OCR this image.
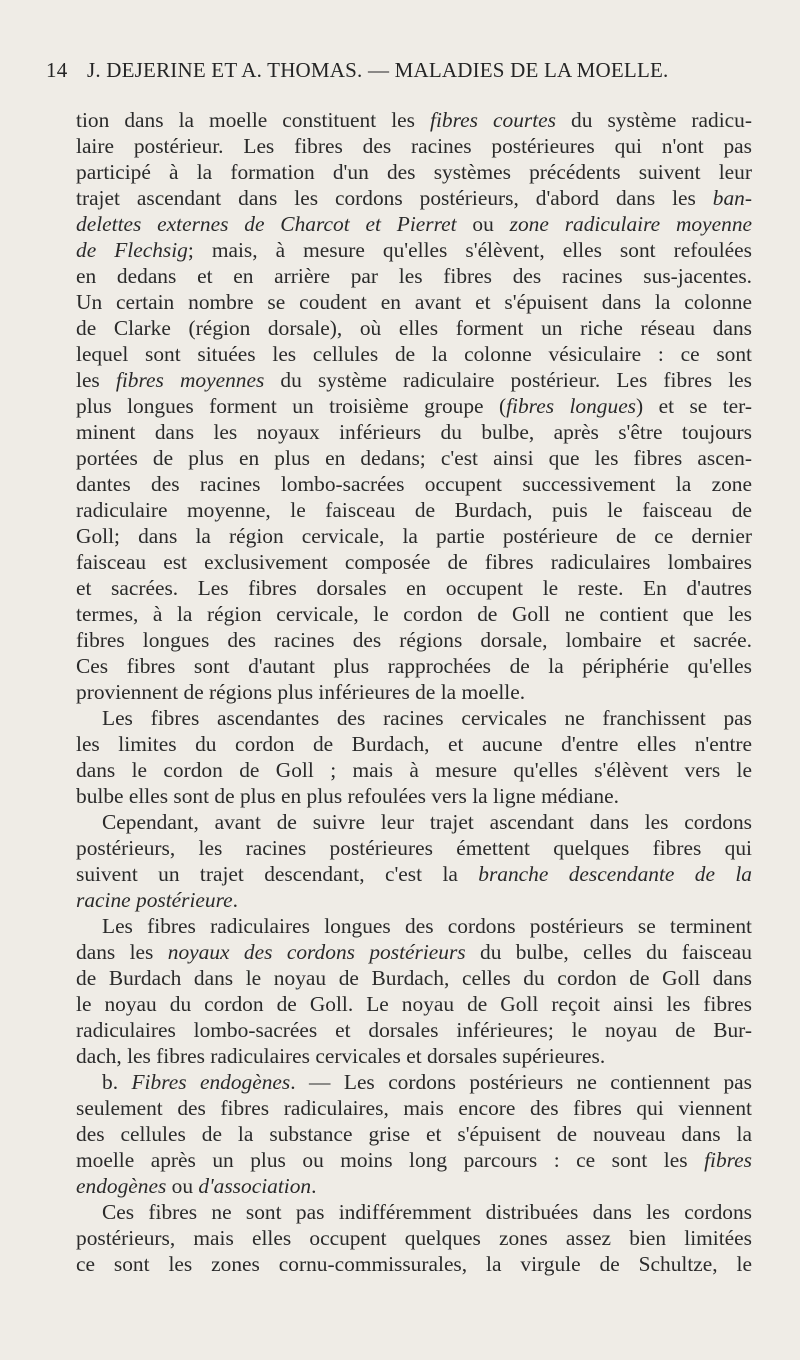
14 J. DEJERINE ET A. THOMAS. — MALADIES DE LA MOELLE.
tion dans la moelle constituent les fibres courtes du système radicu-
laire postérieur. Les fibres des racines postérieures qui n'ont pas
participé à la formation d'un des systèmes précédents suivent leur
trajet ascendant dans les cordons postérieurs, d'abord dans les ban-
delettes externes de Charcot et Pierret ou zone radiculaire moyenne
de Flechsig; mais, à mesure qu'elles s'élèvent, elles sont refoulées
en dedans et en arrière par les fibres des racines sus-jacentes.
Un certain nombre se coudent en avant et s'épuisent dans la colonne
de Clarke (région dorsale), où elles forment un riche réseau dans
lequel sont situées les cellules de la colonne vésiculaire : ce sont
les fibres moyennes du système radiculaire postérieur. Les fibres les
plus longues forment un troisième groupe (fibres longues) et se ter-
minent dans les noyaux inférieurs du bulbe, après s'être toujours
portées de plus en plus en dedans; c'est ainsi que les fibres ascen-
dantes des racines lombo-sacrées occupent successivement la zone
radiculaire moyenne, le faisceau de Burdach, puis le faisceau de
Goll; dans la région cervicale, la partie postérieure de ce dernier
faisceau est exclusivement composée de fibres radiculaires lombaires
et sacrées. Les fibres dorsales en occupent le reste. En d'autres
termes, à la région cervicale, le cordon de Goll ne contient que les
fibres longues des racines des régions dorsale, lombaire et sacrée.
Ces fibres sont d'autant plus rapprochées de la périphérie qu'elles
proviennent de régions plus inférieures de la moelle.
Les fibres ascendantes des racines cervicales ne franchissent pas
les limites du cordon de Burdach, et aucune d'entre elles n'entre
dans le cordon de Goll ; mais à mesure qu'elles s'élèvent vers le
bulbe elles sont de plus en plus refoulées vers la ligne médiane.
Cependant, avant de suivre leur trajet ascendant dans les cordons
postérieurs, les racines postérieures émettent quelques fibres qui
suivent un trajet descendant, c'est la branche descendante de la
racine postérieure.
Les fibres radiculaires longues des cordons postérieurs se terminent
dans les noyaux des cordons postérieurs du bulbe, celles du faisceau
de Burdach dans le noyau de Burdach, celles du cordon de Goll dans
le noyau du cordon de Goll. Le noyau de Goll reçoit ainsi les fibres
radiculaires lombo-sacrées et dorsales inférieures; le noyau de Bur-
dach, les fibres radiculaires cervicales et dorsales supérieures.
b. Fibres endogènes. — Les cordons postérieurs ne contiennent pas
seulement des fibres radiculaires, mais encore des fibres qui viennent
des cellules de la substance grise et s'épuisent de nouveau dans la
moelle après un plus ou moins long parcours : ce sont les fibres
endogènes ou d'association.
Ces fibres ne sont pas indifféremment distribuées dans les cordons
postérieurs, mais elles occupent quelques zones assez bien limitées
ce sont les zones cornu-commissurales, la virgule de Schultze, le
